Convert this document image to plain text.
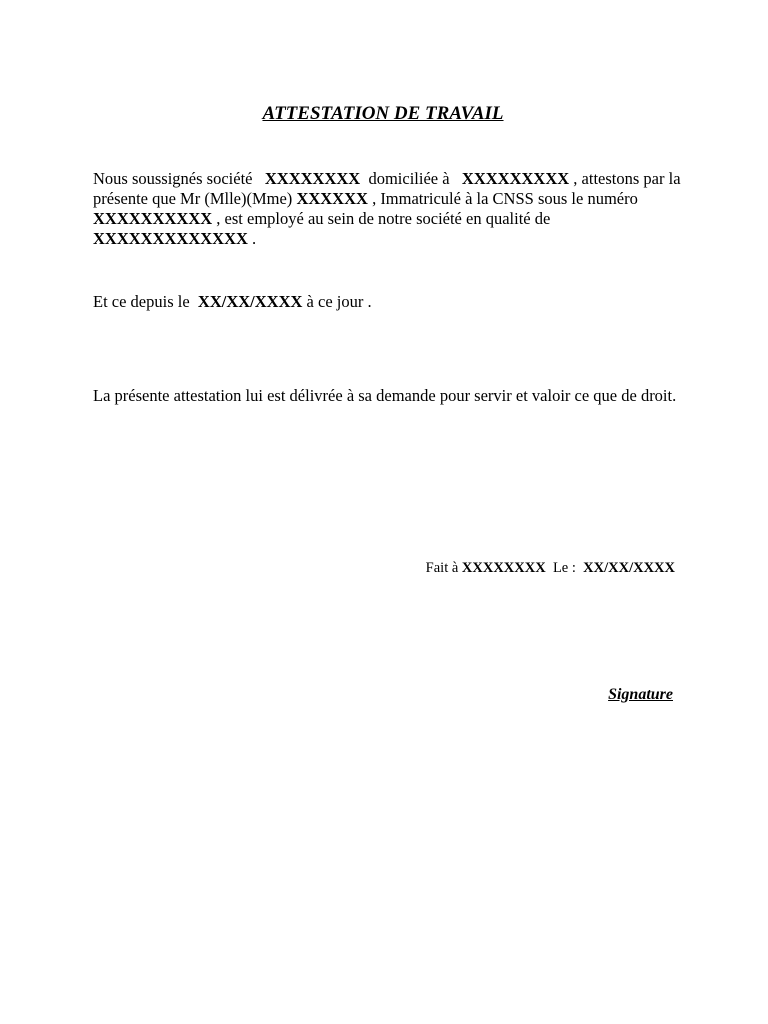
ATTESTATION DE TRAVAIL
Nous soussignés société XXXXXXXX domiciliée à XXXXXXXXX , attestons par la présente que Mr (Mlle)(Mme) XXXXXX , Immatriculé à la CNSS sous le numéro XXXXXXXXXX , est employé au sein de notre société en qualité de XXXXXXXXXXXXX .
Et ce depuis le XX/XX/XXXX à ce jour .
La présente attestation lui est délivrée à sa demande pour servir et valoir ce que de droit.
Fait à XXXXXXXX Le : XX/XX/XXXX
Signature
